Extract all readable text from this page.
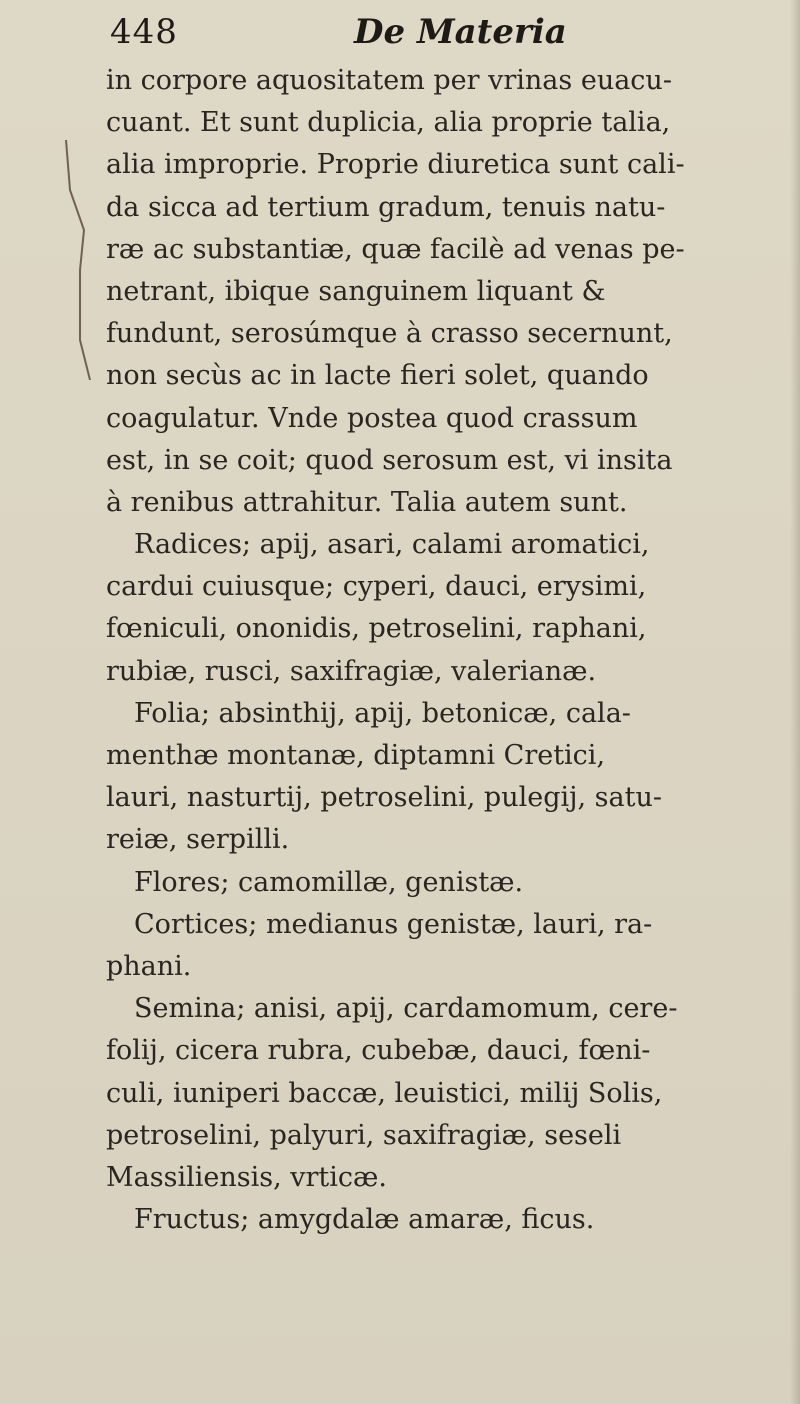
448	De Materia
in corpore aquositatem per vrinas euacu-
cuant. Et sunt duplicia, alia proprie talia,
alia improprie. Proprie diuretica sunt cali-
da sicca ad tertium gradum, tenuis natu-
ræ ac substantiæ, quæ facilè ad venas pe-
netrant, ibique sanguinem liquant &
fundunt, serosúmque à crasso secernunt,
non secùs ac in lacte fieri solet, quando
coagulatur. Vnde postea quod crassum
est, in se coit; quod serosum est, vi insita
à renibus attrahitur. Talia autem sunt.
Radices; apij, asari, calami aromatici,
cardui cuiusque; cyperi, dauci, erysimi,
fœniculi, ononidis, petroselini, raphani,
rubiæ, rusci, saxifragiæ, valerianæ.
Folia; absinthij, apij, betonicæ, cala-
menthæ montanæ, diptamni Cretici,
lauri, nasturtij, petroselini, pulegij, satu-
reiæ, serpilli.
Flores; camomillæ, genistæ.
Cortices; medianus genistæ, lauri, ra-
phani.
Semina; anisi, apij, cardamomum, cere-
folij, cicera rubra, cubebæ, dauci, fœni-
culi, iuniperi baccæ, leuistici, milij Solis,
petroselini, palyuri, saxifragiæ, seseli
Massiliensis, vrticæ.
Fructus; amygdalæ amaræ, ficus.
